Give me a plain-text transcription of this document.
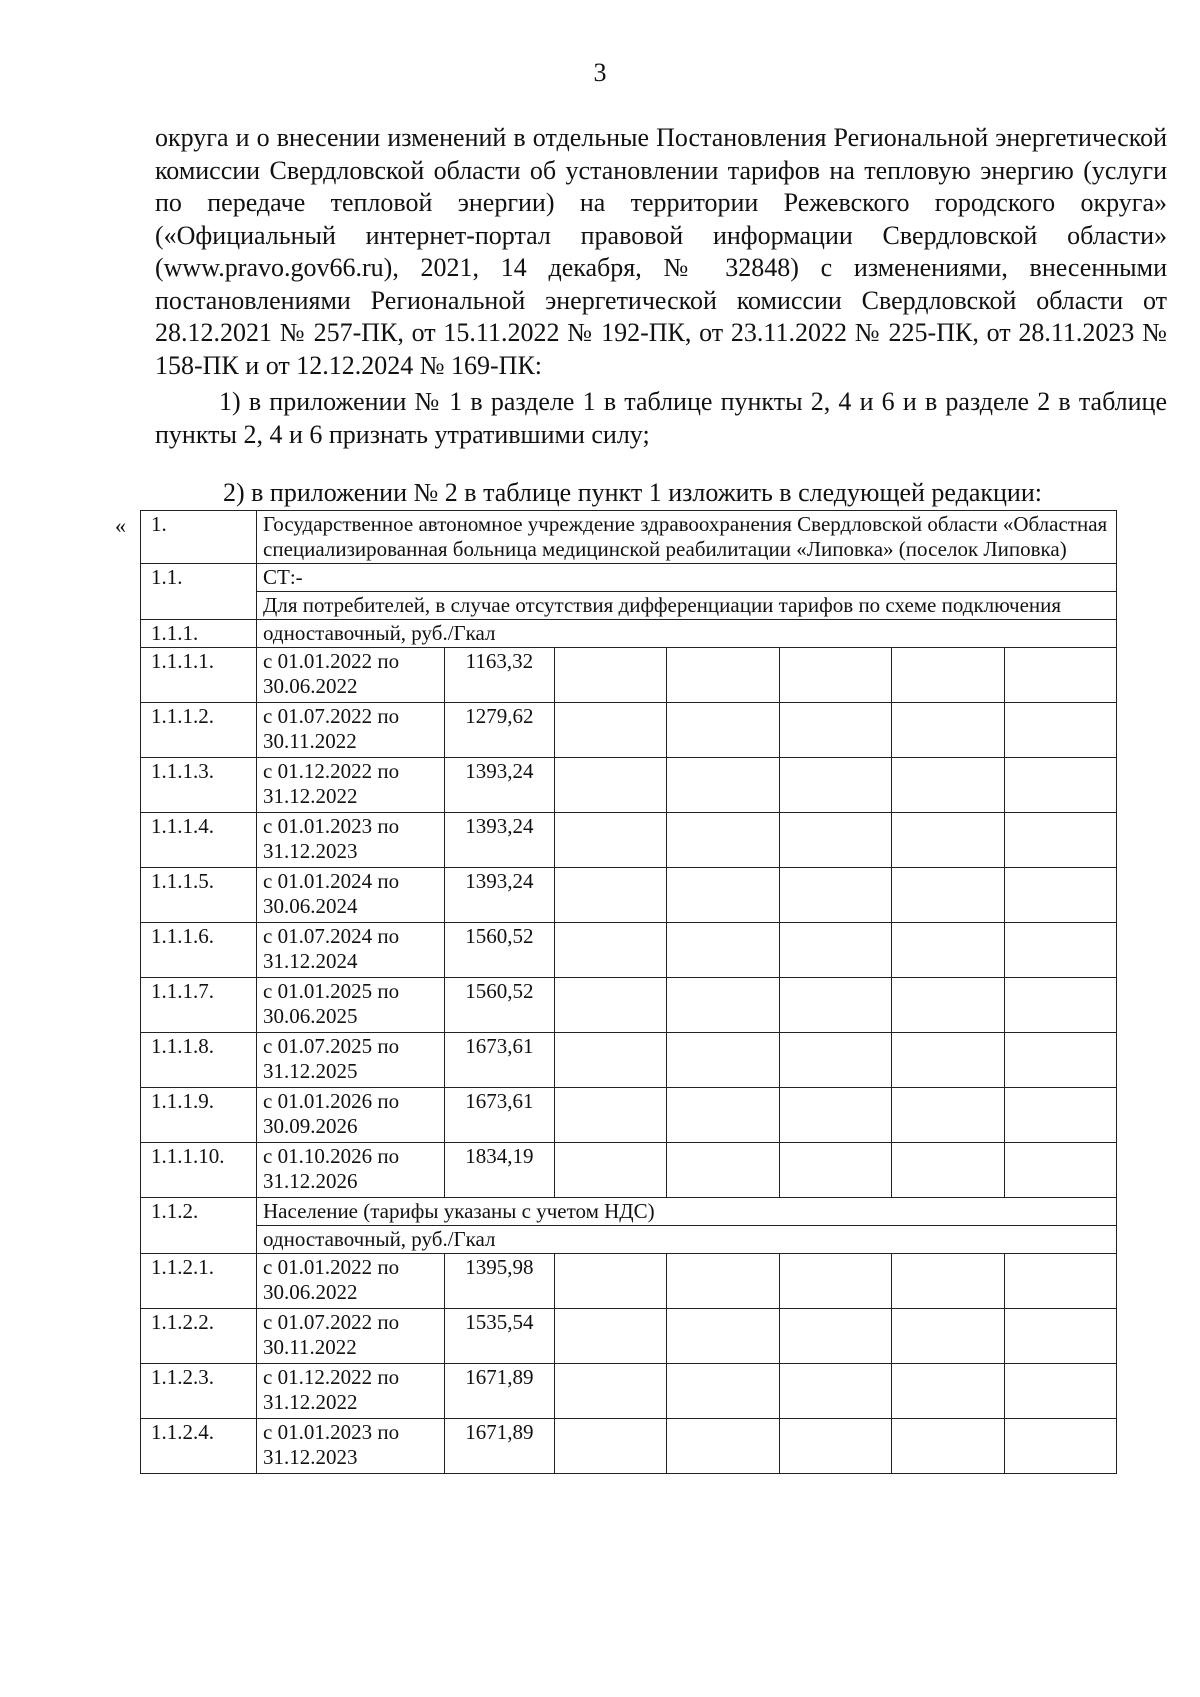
3

округа и о внесении изменений в отдельные Постановления Региональной энергетической комиссии Свердловской области об установлении тарифов на тепловую энергию (услуги по передаче тепловой энергии) на территории Режевского городского округа» («Официальный интернет-портал правовой информации Свердловской области» (www.pravo.gov66.ru), 2021, 14 декабря, № 32848) с изменениями, внесенными постановлениями Региональной энергетической комиссии Свердловской области от 28.12.2021 № 257-ПК, от 15.11.2022 № 192-ПК, от 23.11.2022 № 225-ПК, от 28.11.2023 № 158-ПК и от 12.12.2024 № 169-ПК:

1) в приложении № 1 в разделе 1 в таблице пункты 2, 4 и 6 и в разделе 2 в таблице пункты 2, 4 и 6 признать утратившими силу;

2) в приложении № 2 в таблице пункт 1 изложить в следующей редакции:
« 1.	Государственное автономное учреждение здравоохранения Свердловской области «Областная специализированная больница медицинской реабилитации «Липовка» (поселок Липовка)						
1.1.	СТ:-						
	Для потребителей, в случае отсутствия дифференциации тарифов по схеме подключения						
1.1.1.	одноставочный, руб./Гкал						
1.1.1.1.	с 01.01.2022 по 30.06.2022	1163,32					
1.1.1.2.	с 01.07.2022 по 30.11.2022	1279,62					
1.1.1.3.	с 01.12.2022 по 31.12.2022	1393,24					
1.1.1.4.	с 01.01.2023 по 31.12.2023	1393,24					
1.1.1.5.	с 01.01.2024 по 30.06.2024	1393,24					
1.1.1.6.	с 01.07.2024 по 31.12.2024	1560,52					
1.1.1.7.	с 01.01.2025 по 30.06.2025	1560,52					
1.1.1.8.	с 01.07.2025 по 31.12.2025	1673,61					
1.1.1.9.	с 01.01.2026 по 30.09.2026	1673,61					
1.1.1.10.	с 01.10.2026 по 31.12.2026	1834,19					
1.1.2.	Население (тарифы указаны с учетом НДС)						
	одноставочный, руб./Гкал						
1.1.2.1.	с 01.01.2022 по 30.06.2022	1395,98					
1.1.2.2.	с 01.07.2022 по 30.11.2022	1535,54					
1.1.2.3.	с 01.12.2022 по 31.12.2022	1671,89					
1.1.2.4.	с 01.01.2023 по 31.12.2023	1671,89					
